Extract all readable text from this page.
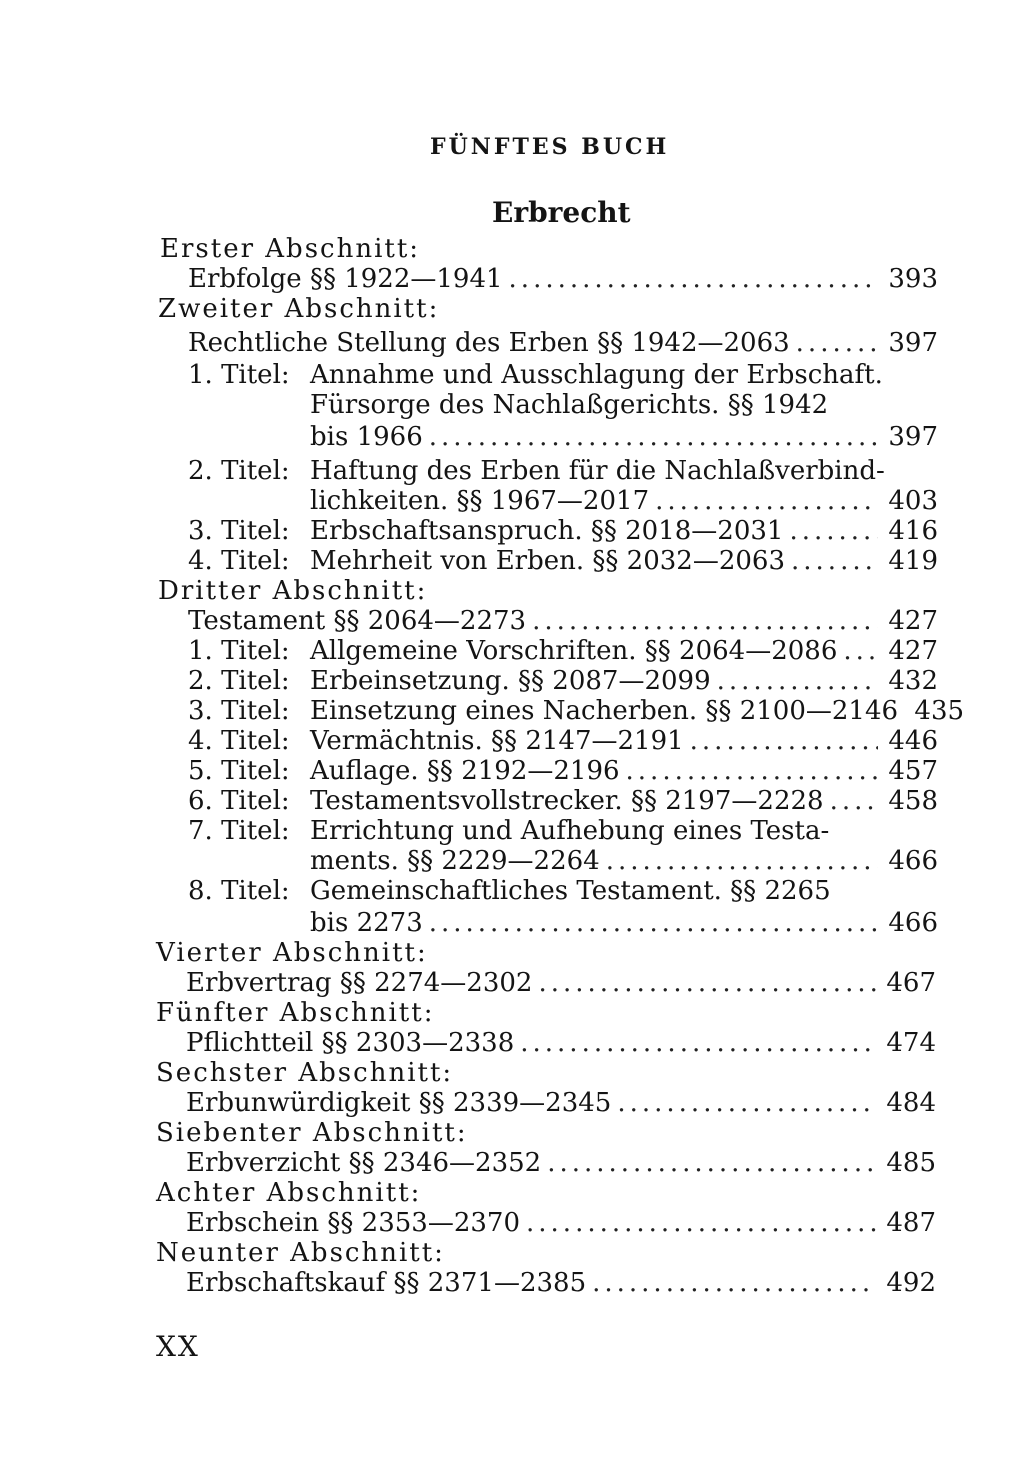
FÜNFTES BUCH
Erbrecht
Erster Abschnitt:
Erbfolge §§ 1922—1941 .....	393
Zweiter Abschnitt:
Rechtliche Stellung des Erben §§ 1942—2063 .....	397
1. Titel: Annahme und Ausschlagung der Erbschaft.
Fürsorge des Nachlaßgerichts. §§ 1942
bis 1966 .....	397
2. Titel: Haftung des Erben für die Nachlaßverbind-
lichkeiten. §§ 1967—2017 .....	403
3. Titel: Erbschaftsanspruch. §§ 2018—2031 .....	416
4. Titel: Mehrheit von Erben. §§ 2032—2063 .....	419
Dritter Abschnitt:
Testament §§ 2064—2273 .....	427
1. Titel: Allgemeine Vorschriften. §§ 2064—2086 ..... 427
2. Titel: Erbeinsetzung. §§ 2087—2099 .....	432
3. Titel: Einsetzung eines Nacherben. §§ 2100—2146 435
4. Titel: Vermächtnis. §§ 2147—2191 .....	446
5. Titel: Auflage. §§ 2192—2196 .....	457
6. Titel: Testamentsvollstrecker. §§ 2197—2228 ..... 458
7. Titel: Errichtung und Aufhebung eines Testa-
ments. §§ 2229—2264 .....	466
8. Titel: Gemeinschaftliches Testament. §§ 2265
bis 2273 .....	466
Vierter Abschnitt:
Erbvertrag §§ 2274—2302 .....	467
Fünfter Abschnitt:
Pflichtteil §§ 2303—2338 .....	474
Sechster Abschnitt:
Erbunwürdigkeit §§ 2339—2345 .....	484
Siebenter Abschnitt:
Erbverzicht §§ 2346—2352 .....	485
Achter Abschnitt:
Erbschein §§ 2353—2370 .....	487
Neunter Abschnitt:
Erbschaftskauf §§ 2371—2385 .....	492
XX
